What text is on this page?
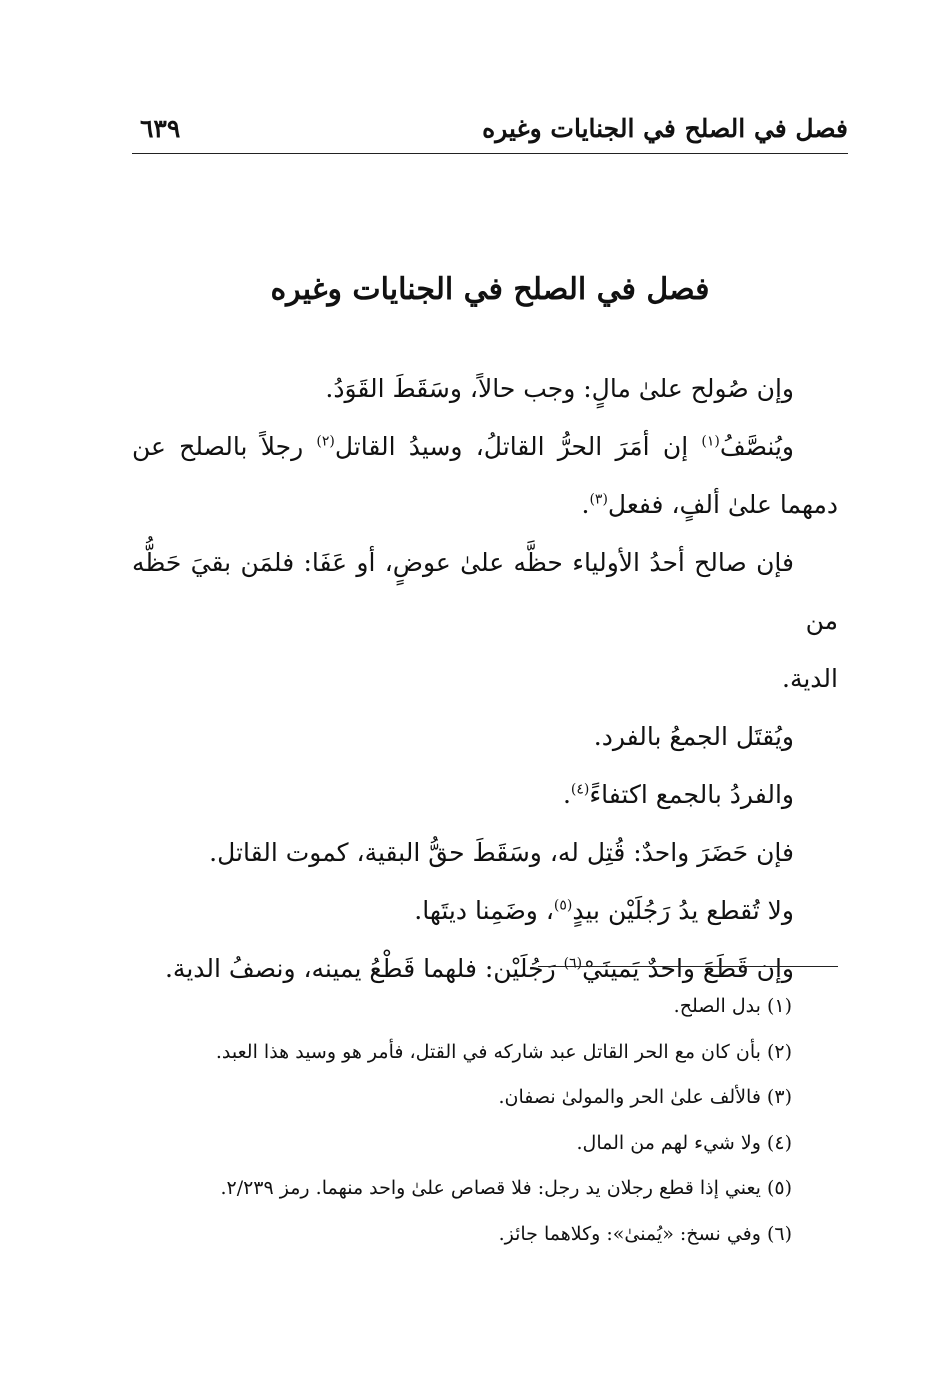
فصل في الصلح في الجنايات وغيره
٦٣٩
فصل في الصلح في الجنايات وغيره

وإن صُولح علىٰ مالٍ: وجب حالاً، وسَقَطَ القَوَدُ.

ويُنصَّفُ$^{(١)}$ إن أمَرَ الحرُّ القاتلُ، وسيدُ القاتل$^{(٢)}$ رجلاً بالصلح عن

دمهما علىٰ ألفٍ، ففعل$^{(٣)}$.

فإن صالح أحدُ الأولياء حظَّه علىٰ عوضٍ، أو عَفَا: فلمَن بقيَ حَظُّه من

الدية.

ويُقتَل الجمعُ بالفرد.

والفردُ بالجمع اكتفاءً$^{(٤)}$.

فإن حَضَرَ واحدٌ: قُتِل له، وسَقَطَ حقُّ البقية، كموت القاتل.

ولا تُقطع يدُ رَجُلَيْن بيدٍ$^{(٥)}$، وضَمِنا ديتَها.

وإن قَطَعَ واحدٌ يَمينَيْ$^{(٦)}$ رَجُلَيْن: فلهما قَطْعُ يمينه، ونصفُ الدية.

(١) بدل الصلح.
(٢) بأن كان مع الحر القاتل عبد شاركه في القتل، فأمر هو وسيد هذا العبد.
(٣) فالألف علىٰ الحر والمولىٰ نصفان.
(٤) ولا شيء لهم من المال.
(٥) يعني إذا قطع رجلان يد رجل: فلا قصاص علىٰ واحد منهما. رمز ٢/٢٣٩.
(٦) وفي نسخ: «يُمنىٰ»: وكلاهما جائز.
